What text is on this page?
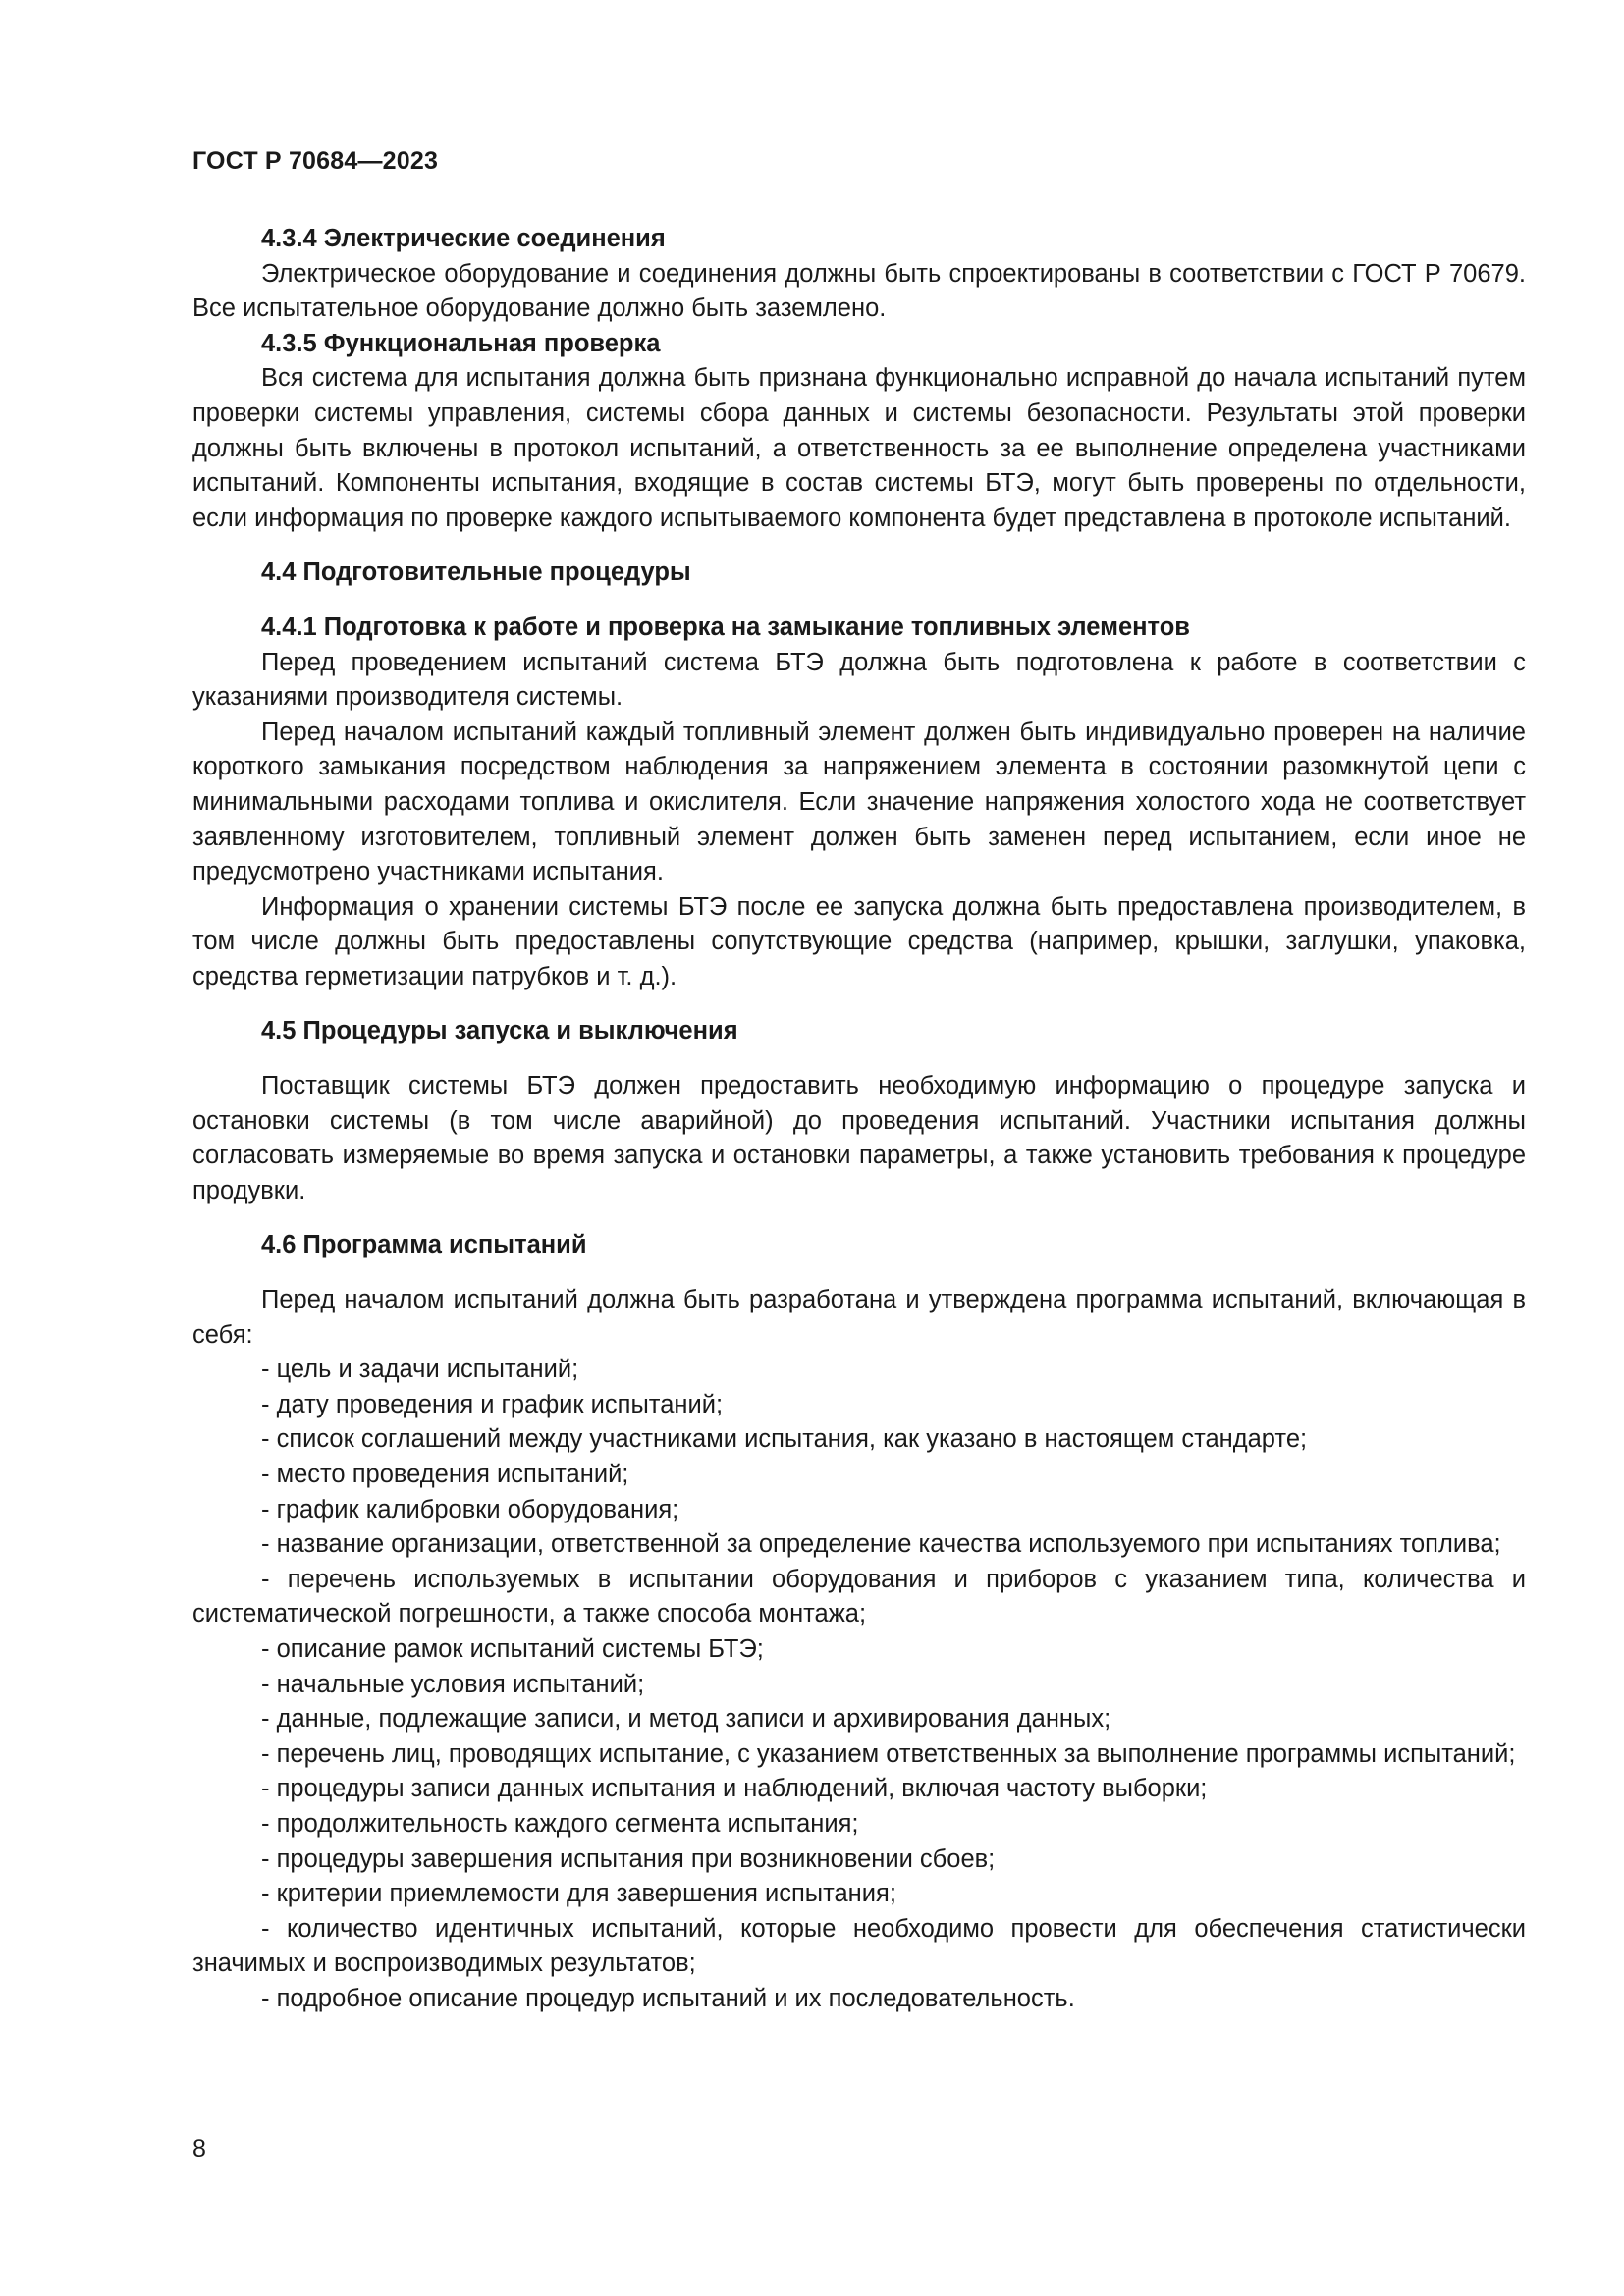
ГОСТ Р 70684—2023
4.3.4 Электрические соединения

Электрическое оборудование и соединения должны быть спроектированы в соответствии с ГОСТ Р 70679. Все испытательное оборудование должно быть заземлено.

4.3.5 Функциональная проверка

Вся система для испытания должна быть признана функционально исправной до начала испытаний путем проверки системы управления, системы сбора данных и системы безопасности. Результаты этой проверки должны быть включены в протокол испытаний, а ответственность за ее выполнение определена участниками испытаний. Компоненты испытания, входящие в состав системы БТЭ, могут быть проверены по отдельности, если информация по проверке каждого испытываемого компонента будет представлена в протоколе испытаний.

4.4 Подготовительные процедуры
4.4.1 Подготовка к работе и проверка на замыкание топливных элементов

Перед проведением испытаний система БТЭ должна быть подготовлена к работе в соответствии с указаниями производителя системы.

Перед началом испытаний каждый топливный элемент должен быть индивидуально проверен на наличие короткого замыкания посредством наблюдения за напряжением элемента в состоянии разомкнутой цепи с минимальными расходами топлива и окислителя. Если значение напряжения холостого хода не соответствует заявленному изготовителем, топливный элемент должен быть заменен перед испытанием, если иное не предусмотрено участниками испытания.

Информация о хранении системы БТЭ после ее запуска должна быть предоставлена производителем, в том числе должны быть предоставлены сопутствующие средства (например, крышки, заглушки, упаковка, средства герметизации патрубков и т. д.).

4.5 Процедуры запуска и выключения

Поставщик системы БТЭ должен предоставить необходимую информацию о процедуре запуска и остановки системы (в том числе аварийной) до проведения испытаний. Участники испытания должны согласовать измеряемые во время запуска и остановки параметры, а также установить требования к процедуре продувки.

4.6 Программа испытаний

Перед началом испытаний должна быть разработана и утверждена программа испытаний, включающая в себя:

- цель и задачи испытаний;
- дату проведения и график испытаний;
- список соглашений между участниками испытания, как указано в настоящем стандарте;
- место проведения испытаний;
- график калибровки оборудования;
- название организации, ответственной за определение качества используемого при испытаниях топлива;
- перечень используемых в испытании оборудования и приборов с указанием типа, количества и систематической погрешности, а также способа монтажа;
- описание рамок испытаний системы БТЭ;
- начальные условия испытаний;
- данные, подлежащие записи, и метод записи и архивирования данных;
- перечень лиц, проводящих испытание, с указанием ответственных за выполнение программы испытаний;
- процедуры записи данных испытания и наблюдений, включая частоту выборки;
- продолжительность каждого сегмента испытания;
- процедуры завершения испытания при возникновении сбоев;
- критерии приемлемости для завершения испытания;
- количество идентичных испытаний, которые необходимо провести для обеспечения статистически значимых и воспроизводимых результатов;
- подробное описание процедур испытаний и их последовательность.
8
